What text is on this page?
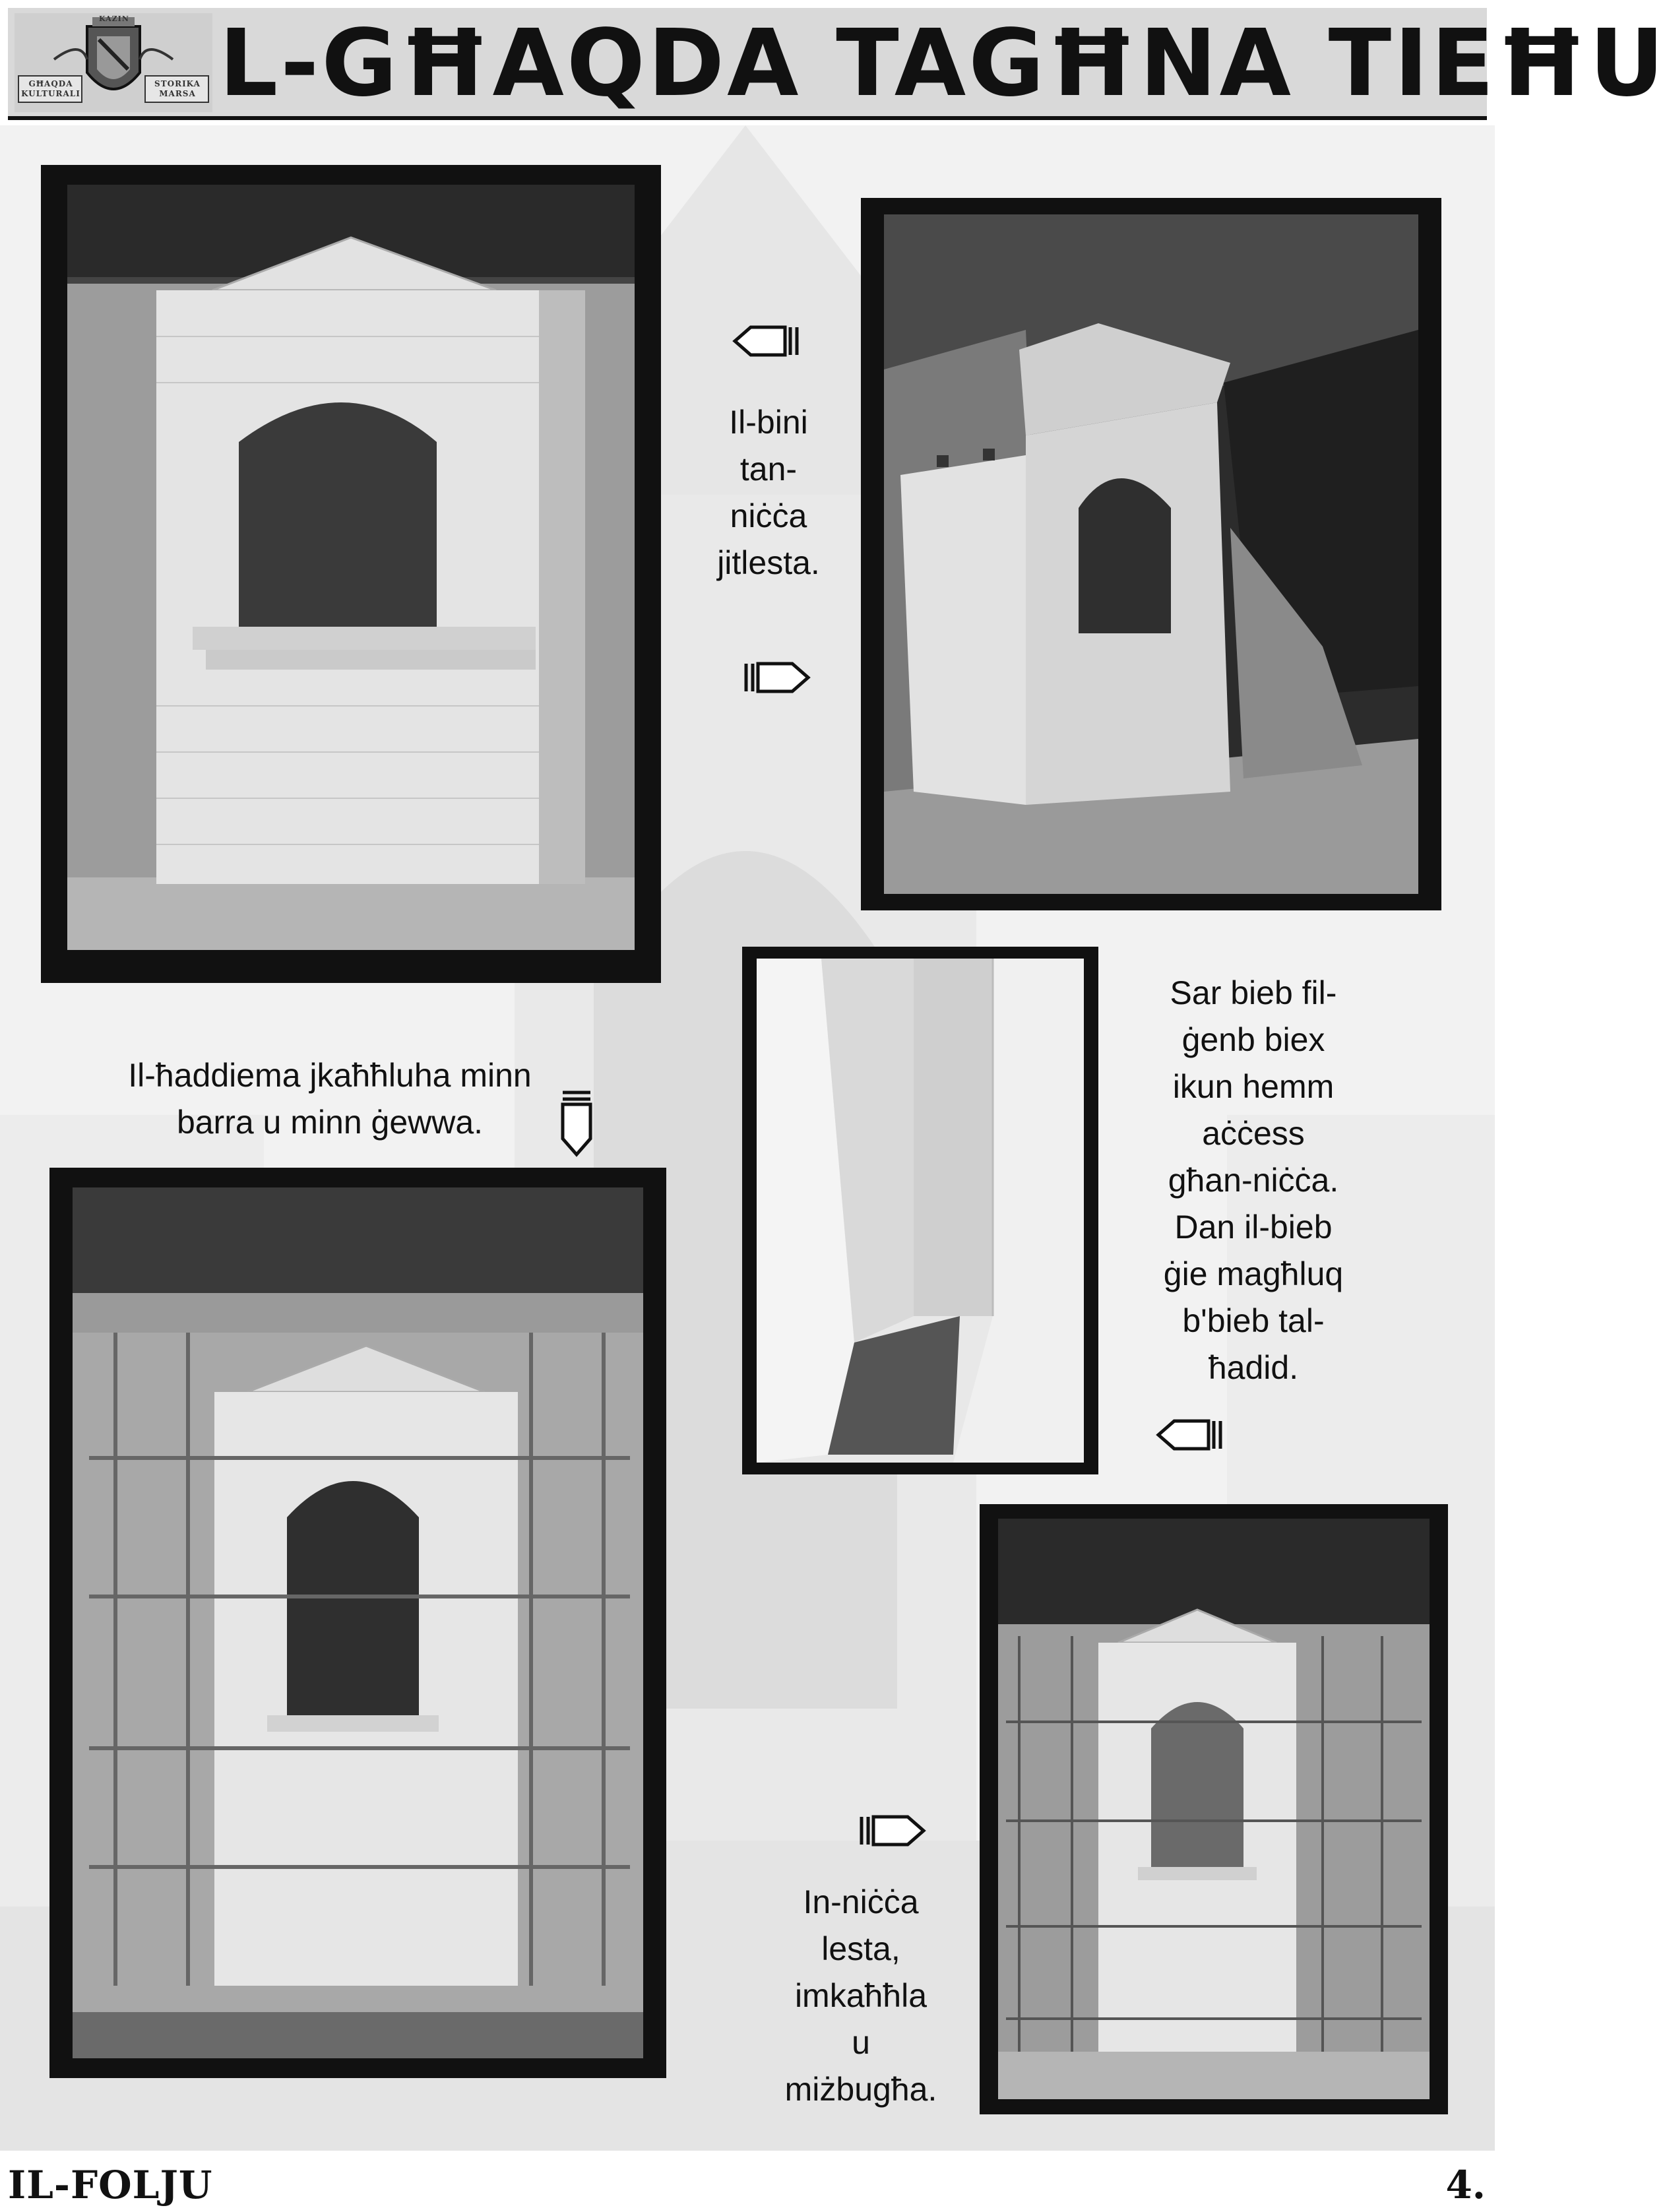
KAZIN
GĦAQDA KULTURALI
STORIKA MARSA L-GĦAQDA TAGĦNA TIEĦU
Il-bini
tan-
niċċa
jitlesta.
Il-ħaddiema jkaħħluha minn
barra u minn ġewwa.
Sar bieb fil-
ġenb biex
ikun hemm
aċċess
għan-niċċa.
Dan il-bieb
ġie magħluq
b'bieb tal-
ħadid.
In-niċċa
lesta,
imkaħħla
u
miżbugħa.
IL-FOLJU	4.
